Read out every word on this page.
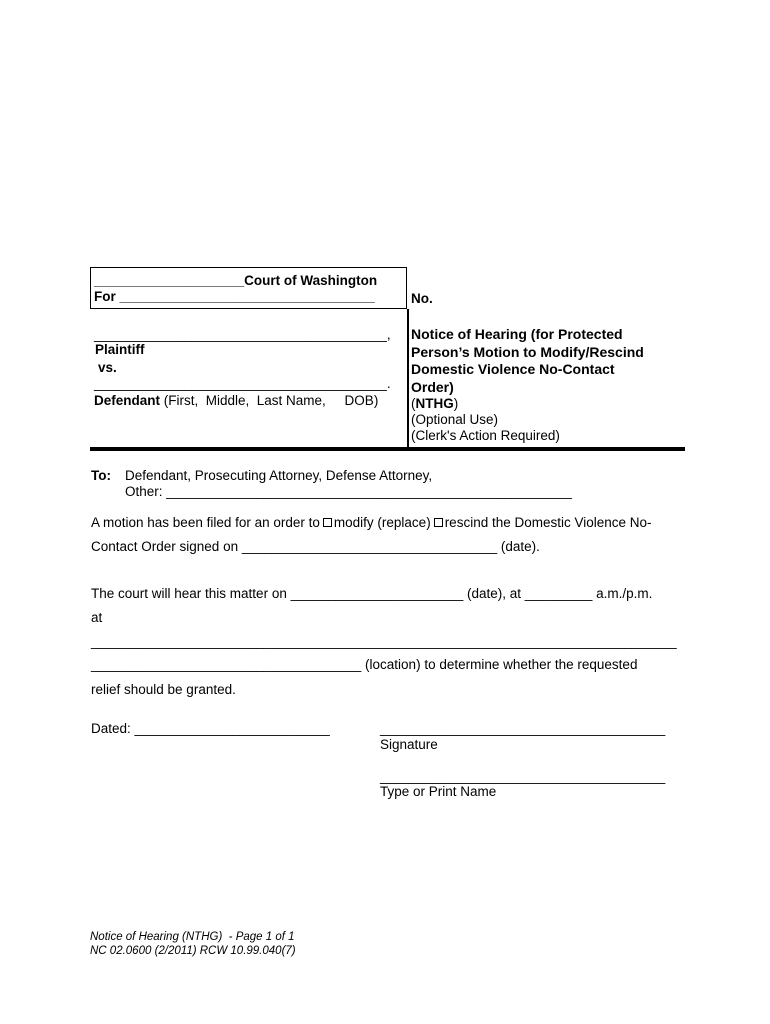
____________________Court of Washington
For __________________________________	No.
_______________________________________,
Plaintiff
vs.
_______________________________________.
Defendant (First,  Middle,  Last Name,     DOB)
Notice of Hearing (for Protected
Person’s Motion to Modify/Rescind
Domestic Violence No-Contact
Order)
(NTHG)
(Optional Use)
(Clerk's Action Required)
To: Defendant, Prosecuting Attorney, Defense Attorney,
Other: ______________________________________________________
A motion has been filed for an order to modify (replace) rescind the Domestic Violence No-
Contact Order signed on __________________________________ (date).
The court will hear this matter on _______________________ (date), at _________ a.m./p.m.
at
______________________________________________________________________________
____________________________________ (location) to determine whether the requested
relief should be granted.
Dated: __________________________	______________________________________
Signature
______________________________________
Type or Print Name
Notice of Hearing (NTHG)  - Page 1 of 1
NC 02.0600 (2/2011) RCW 10.99.040(7)
